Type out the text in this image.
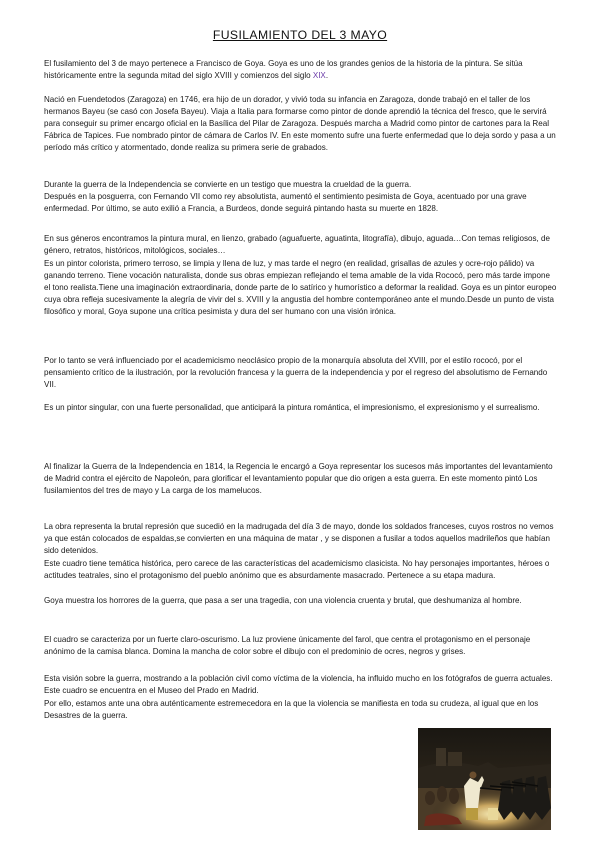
FUSILAMIENTO DEL 3 MAYO

El fusilamiento del 3 de mayo pertenece a Francisco de Goya. Goya es uno de los grandes genios de la historia de la pintura. Se sitúa históricamente entre la segunda mitad del siglo XVIII y comienzos del siglo XIX.

Nació en Fuendetodos (Zaragoza) en 1746, era hijo de un dorador, y vivió toda su infancia en Zaragoza, donde trabajó en el taller de los hermanos Bayeu (se casó con Josefa Bayeu). Viaja a Italia para formarse como pintor de donde aprendió la técnica del fresco, que le servirá para conseguir su primer encargo oficial en la Basílica del Pilar de Zaragoza. Después marcha a Madrid como pintor de cartones para la Real Fábrica de Tapices. Fue nombrado pintor de cámara de Carlos IV. En este momento sufre una fuerte enfermedad que lo deja sordo y pasa a un período más crítico y atormentado, donde realiza su primera serie de grabados.

Durante la guerra de la Independencia se convierte en un testigo que muestra la crueldad de la guerra.

Después en la posguerra, con Fernando VII como rey absolutista, aumentó el sentimiento pesimista de Goya, acentuado por una grave enfermedad. Por último, se auto exilió a Francia, a Burdeos, donde seguirá pintando hasta su muerte en 1828.

En sus géneros encontramos la pintura mural, en lienzo, grabado (aguafuerte, aguatinta, litografía), dibujo, aguada…Con temas religiosos, de género, retratos, históricos, mitológicos, sociales…

Es un pintor colorista, primero terroso, se limpia y llena de luz, y mas tarde el negro (en realidad, grisallas de azules y ocre-rojo pálido) va ganando terreno. Tiene vocación naturalista, donde sus obras empiezan reflejando el tema amable de la vida Rococó, pero más tarde impone el tono realista.Tiene una imaginación extraordinaria, donde parte de lo satírico y humorístico a deformar la realidad. Goya es un pintor europeo cuya obra refleja sucesivamente la alegría de vivir del s. XVIII y la angustia del hombre contemporáneo ante el mundo.Desde un punto de vista filosófico y moral, Goya supone una crítica pesimista y dura del ser humano con una visión irónica.

Por lo tanto se verá influenciado por el academicismo neoclásico propio de la monarquía absoluta del XVIII, por el estilo rococó, por el pensamiento crítico de la ilustración, por la revolución francesa y la guerra de la independencia y por el regreso del absolutismo de Fernando VII.

Es un pintor singular, con una fuerte personalidad, que anticipará la pintura romántica, el impresionismo, el expresionismo y el surrealismo.

Al finalizar la Guerra de la Independencia en 1814, la Regencia le encargó a Goya representar los sucesos más importantes del levantamiento de Madrid contra el ejército de Napoleón, para glorificar el levantamiento popular que dio origen a esta guerra. En este momento pintó Los fusilamientos del tres de mayo y La carga de los mamelucos.

La obra representa la brutal represión que sucedió en la madrugada del día 3 de mayo, donde los soldados franceses, cuyos rostros no vemos ya que están colocados de espaldas,se convierten en una máquina de matar , y se disponen a fusilar a todos aquellos madrileños que habían sido detenidos.

Este cuadro tiene temática histórica, pero carece de las características del academicismo clasicista. No hay personajes importantes, héroes o actitudes teatrales, sino el protagonismo del pueblo anónimo que es absurdamente masacrado. Pertenece a su etapa madura.

Goya muestra los horrores de la guerra, que pasa a ser una tragedia, con una violencia cruenta y brutal, que deshumaniza al hombre.

El cuadro se caracteriza por un fuerte claro-oscurismo. La luz proviene únicamente del farol, que centra el protagonismo en el personaje anónimo de la camisa blanca. Domina la mancha de color sobre el dibujo con el predominio de ocres, negros y grises.

Esta visión sobre la guerra, mostrando a la población civil como víctima de la violencia, ha influido mucho en los fotógrafos de guerra actuales. Este cuadro se encuentra en el Museo del Prado en Madrid.

Por ello, estamos ante una obra auténticamente estremecedora en la que la violencia se manifiesta en toda su crudeza, al igual que en los Desastres de la guerra.
